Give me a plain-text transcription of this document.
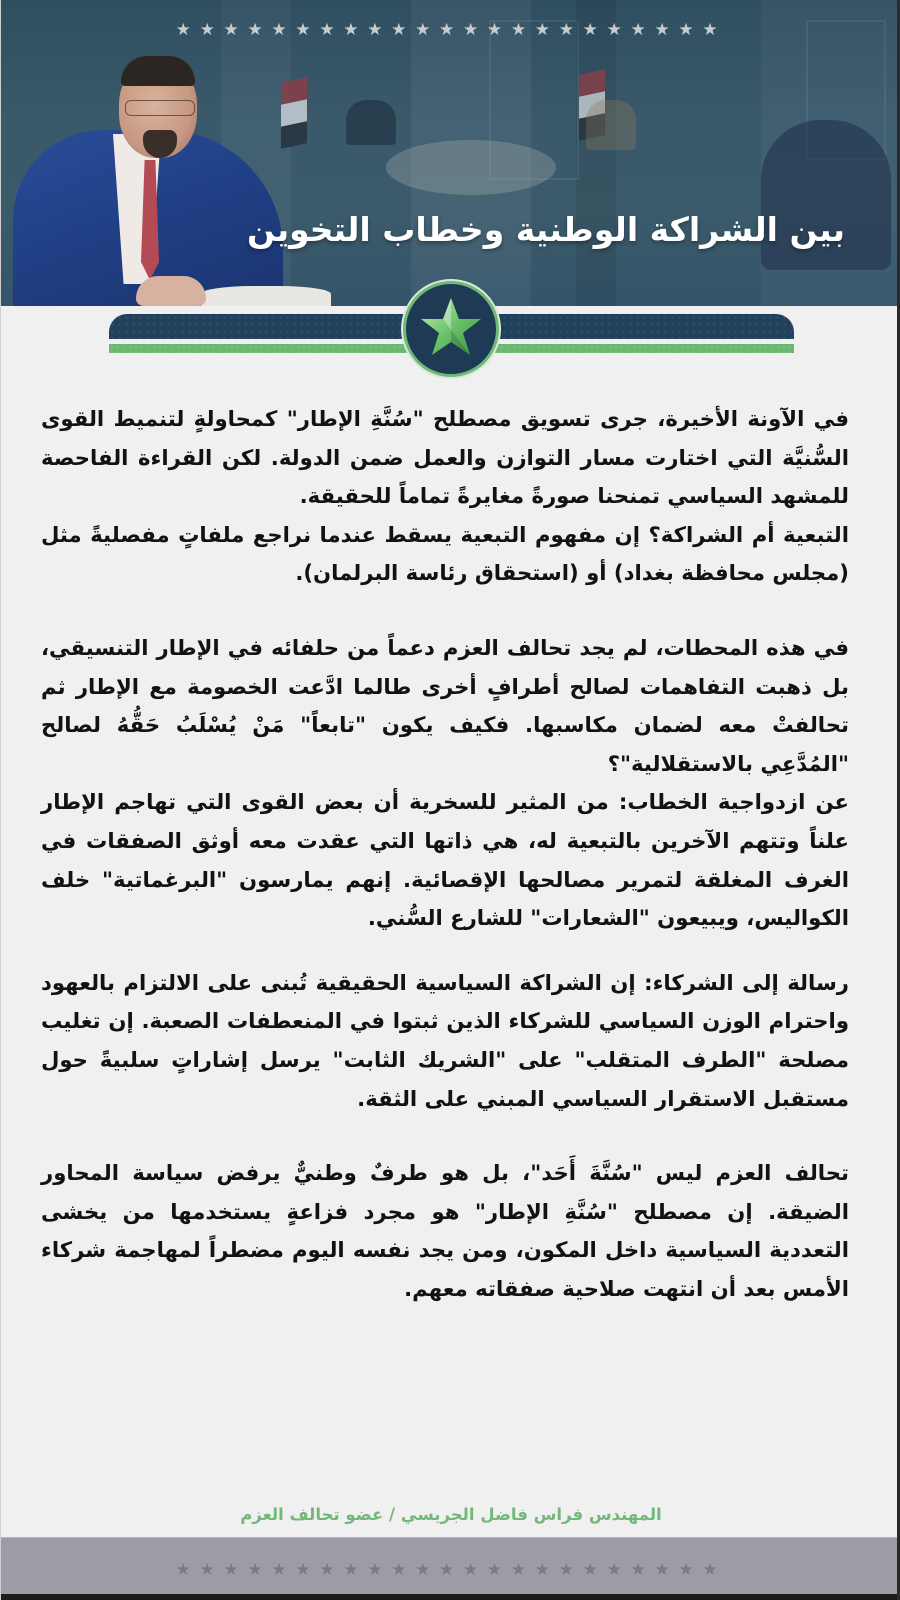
★★★★★★★★★★★★★★★★★★★★★★★
بين الشراكة الوطنية وخطاب التخوين

في الآونة الأخيرة، جرى تسويق مصطلح "سُنَّةِ الإطار" كمحاولةٍ لتنميط القوى السُّنيَّة التي اختارت مسار التوازن والعمل ضمن الدولة. لكن القراءة الفاحصة للمشهد السياسي تمنحنا صورةً مغايرةً تماماً للحقيقة.

التبعية أم الشراكة؟ إن مفهوم التبعية يسقط عندما نراجع ملفاتٍ مفصليةً مثل (مجلس محافظة بغداد) أو (استحقاق رئاسة البرلمان).

في هذه المحطات، لم يجد تحالف العزم دعماً من حلفائه في الإطار التنسيقي، بل ذهبت التفاهمات لصالح أطرافٍ أخرى طالما ادَّعت الخصومة مع الإطار ثم تحالفتْ معه لضمان مكاسبها. فكيف يكون "تابعاً" مَنْ يُسْلَبُ حَقُّهُ لصالح "المُدَّعِي بالاستقلالية"؟

عن ازدواجية الخطاب: من المثير للسخرية أن بعض القوى التي تهاجم الإطار علناً وتتهم الآخرين بالتبعية له، هي ذاتها التي عقدت معه أوثق الصفقات في الغرف المغلقة لتمرير مصالحها الإقصائية. إنهم يمارسون "البرغماتية" خلف الكواليس، ويبيعون "الشعارات" للشارع السُّني.

رسالة إلى الشركاء: إن الشراكة السياسية الحقيقية تُبنى على الالتزام بالعهود واحترام الوزن السياسي للشركاء الذين ثبتوا في المنعطفات الصعبة. إن تغليب مصلحة "الطرف المتقلب" على "الشريك الثابت" يرسل إشاراتٍ سلبيةً حول مستقبل الاستقرار السياسي المبني على الثقة.

تحالف العزم ليس "سُنَّةَ أَحَد"، بل هو طرفٌ وطنيٌّ يرفض سياسة المحاور الضيقة. إن مصطلح "سُنَّةِ الإطار" هو مجرد فزاعةٍ يستخدمها من يخشى التعددية السياسية داخل المكون، ومن يجد نفسه اليوم مضطراً لمهاجمة شركاء الأمس بعد أن انتهت صلاحية صفقاته معهم.

المهندس فراس فاضل الجريسي / عضو تحالف العزم
★★★★★★★★★★★★★★★★★★★★★★★
